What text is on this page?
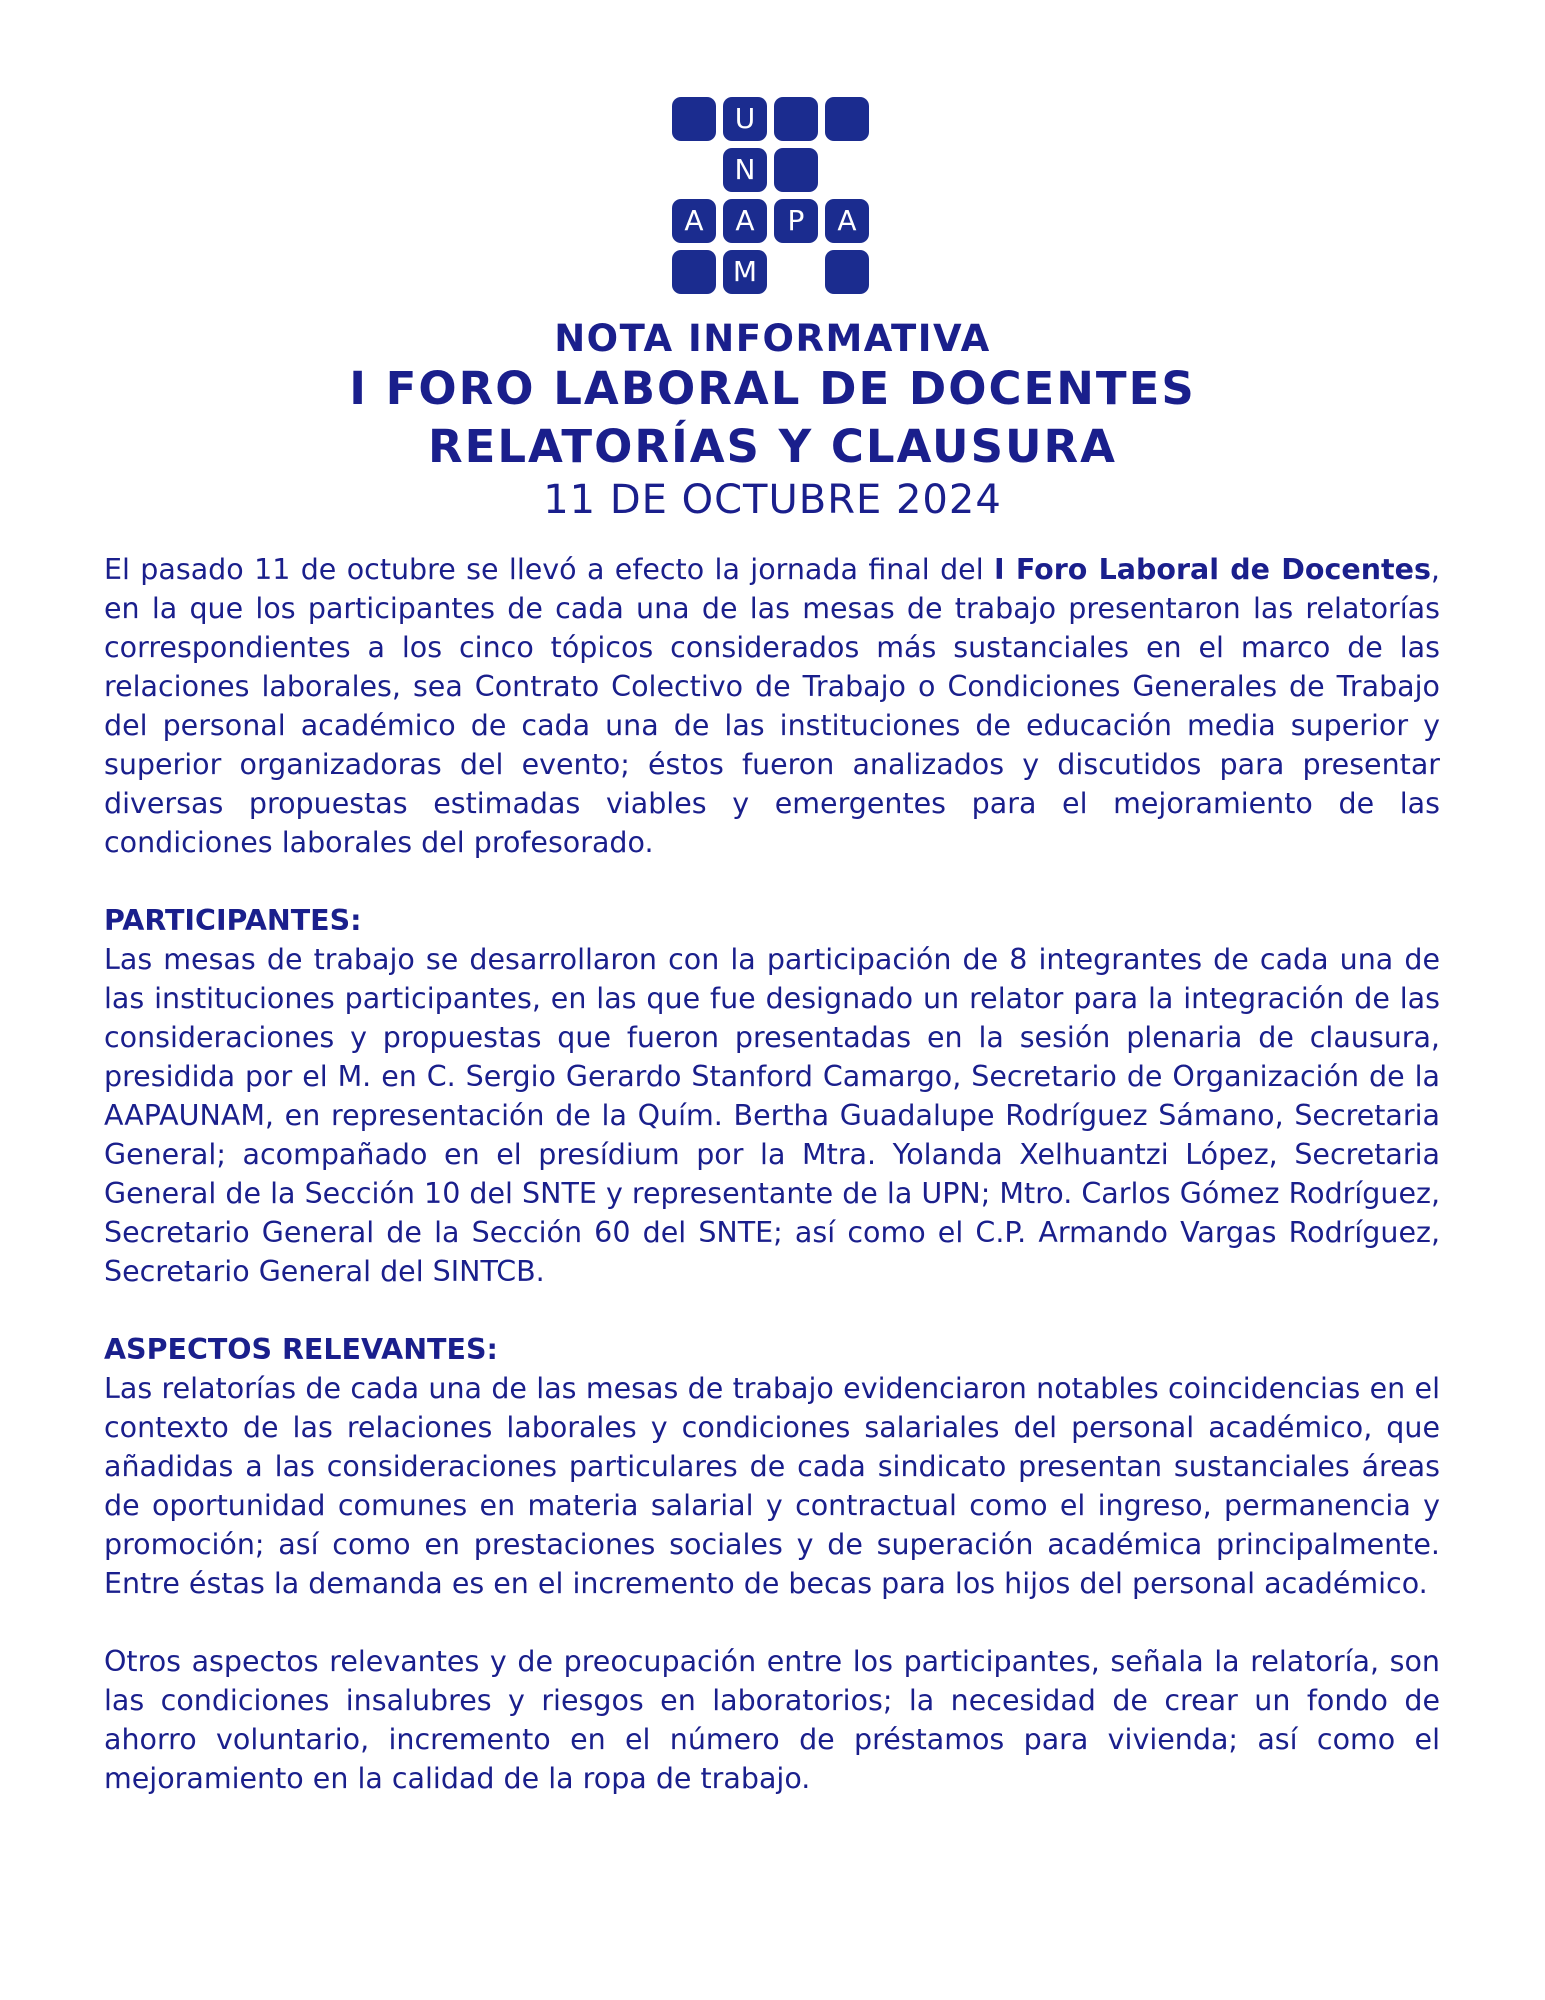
U
N
A	A	P	A
M
NOTA INFORMATIVA
I FORO LABORAL DE DOCENTES
RELATORÍAS Y CLAUSURA
11 DE OCTUBRE 2024

El pasado 11 de octubre se llevó a efecto la jornada final del I Foro Laboral de Docentes, en la que los participantes de cada una de las mesas de trabajo presentaron las relatorías correspondientes a los cinco tópicos considerados más sustanciales en el marco de las relaciones laborales, sea Contrato Colectivo de Trabajo o Condiciones Generales de Trabajo del personal académico de cada una de las instituciones de educación media superior y superior organizadoras del evento; éstos fueron analizados y discutidos para presentar diversas propuestas estimadas viables y emergentes para el mejoramiento de las condiciones laborales del profesorado.

PARTICIPANTES:

Las mesas de trabajo se desarrollaron con la participación de 8 integrantes de cada una de las instituciones participantes, en las que fue designado un relator para la integración de las consideraciones y propuestas que fueron presentadas en la sesión plenaria de clausura, presidida por el M. en C. Sergio Gerardo Stanford Camargo, Secretario de Organización de la AAPAUNAM, en representación de la Quím. Bertha Guadalupe Rodríguez Sámano, Secretaria General; acompañado en el presídium por la Mtra. Yolanda Xelhuantzi López, Secretaria General de la Sección 10 del SNTE y representante de la UPN; Mtro. Carlos Gómez Rodríguez, Secretario General de la Sección 60 del SNTE; así como el C.P. Armando Vargas Rodríguez, Secretario General del SINTCB.

ASPECTOS RELEVANTES:

Las relatorías de cada una de las mesas de trabajo evidenciaron notables coincidencias en el contexto de las relaciones laborales y condiciones salariales del personal académico, que añadidas a las consideraciones particulares de cada sindicato presentan sustanciales áreas de oportunidad comunes en materia salarial y contractual como el ingreso, permanencia y promoción; así como en prestaciones sociales y de superación académica principalmente. Entre éstas la demanda es en el incremento de becas para los hijos del personal académico.

Otros aspectos relevantes y de preocupación entre los participantes, señala la relatoría, son las condiciones insalubres y riesgos en laboratorios; la necesidad de crear un fondo de ahorro voluntario, incremento en el número de préstamos para vivienda; así como el mejoramiento en la calidad de la ropa de trabajo.
